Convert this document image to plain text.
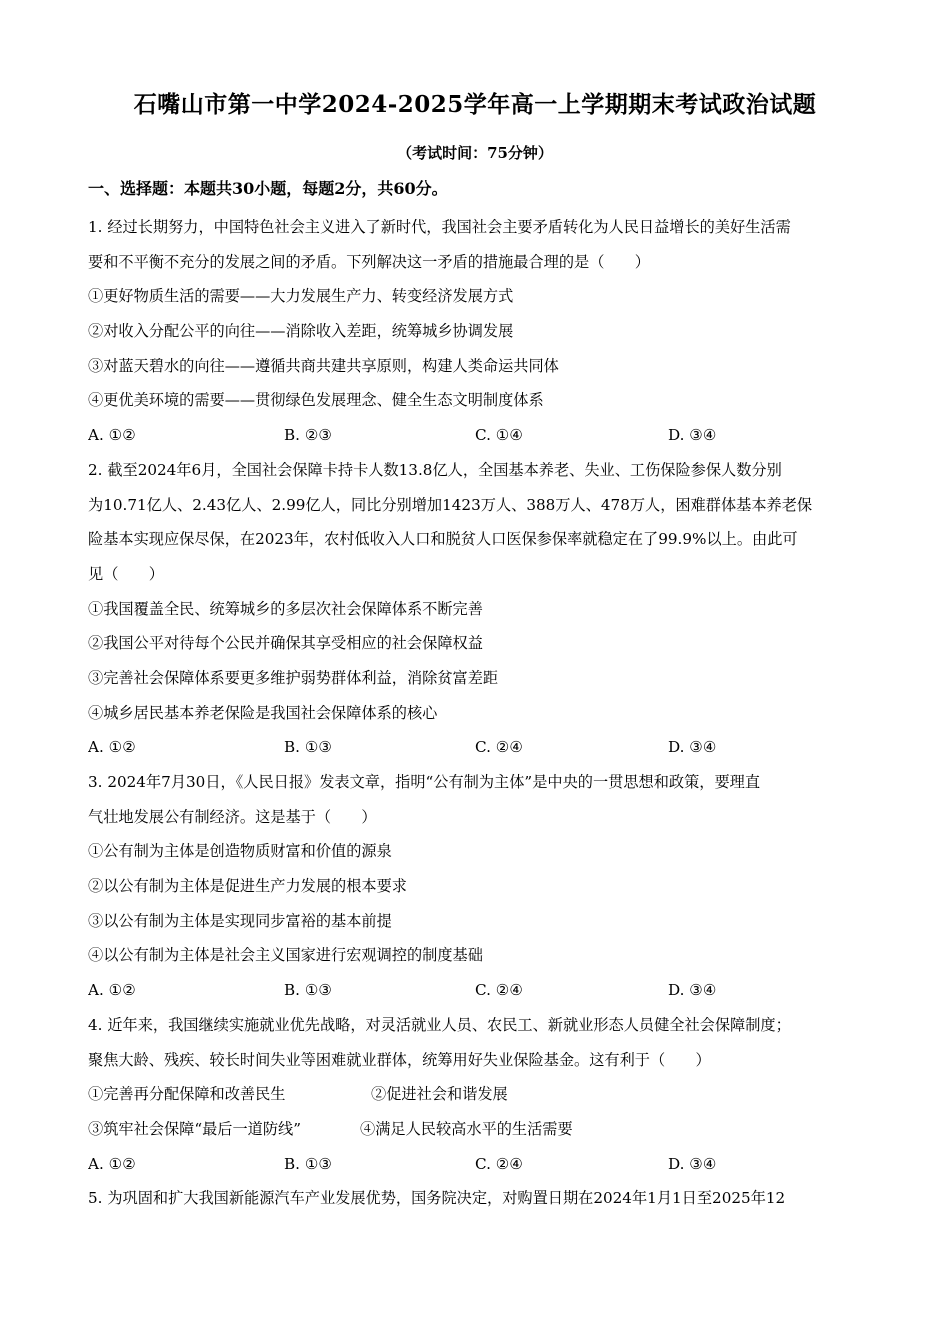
石嘴山市第一中学2024-2025学年高一上学期期末考试政治试题
（考试时间：75分钟）
一、选择题：本题共30小题，每题2分，共60分。
1. 经过长期努力，中国特色社会主义进入了新时代，我国社会主要矛盾转化为人民日益增长的美好生活需
要和不平衡不充分的发展之间的矛盾。下列解决这一矛盾的措施最合理的是（　　）
①更好物质生活的需要——大力发展生产力、转变经济发展方式
②对收入分配公平的向往——消除收入差距，统筹城乡协调发展
③对蓝天碧水的向往——遵循共商共建共享原则，构建人类命运共同体
④更优美环境的需要——贯彻绿色发展理念、健全生态文明制度体系
A. ①②	B. ②③	C. ①④	D. ③④
2. 截至2024年6月，全国社会保障卡持卡人数13.8亿人，全国基本养老、失业、工伤保险参保人数分别
为10.71亿人、2.43亿人、2.99亿人，同比分别增加1423万人、388万人、478万人，困难群体基本养老保
险基本实现应保尽保，在2023年，农村低收入人口和脱贫人口医保参保率就稳定在了99.9%以上。由此可
见（　　）
①我国覆盖全民、统筹城乡的多层次社会保障体系不断完善
②我国公平对待每个公民并确保其享受相应的社会保障权益
③完善社会保障体系要更多维护弱势群体利益，消除贫富差距
④城乡居民基本养老保险是我国社会保障体系的核心
A. ①②	B. ①③	C. ②④	D. ③④
3. 2024年7月30日，《人民日报》发表文章，指明“公有制为主体”是中央的一贯思想和政策，要理直
气壮地发展公有制经济。这是基于（　　）
①公有制为主体是创造物质财富和价值的源泉
②以公有制为主体是促进生产力发展的根本要求
③以公有制为主体是实现同步富裕的基本前提
④以公有制为主体是社会主义国家进行宏观调控的制度基础
A. ①②	B. ①③	C. ②④	D. ③④
4. 近年来，我国继续实施就业优先战略，对灵活就业人员、农民工、新就业形态人员健全社会保障制度；
聚焦大龄、残疾、较长时间失业等困难就业群体，统筹用好失业保险基金。这有利于（　　）
①完善再分配保障和改善民生	②促进社会和谐发展
③筑牢社会保障“最后一道防线”	④满足人民较高水平的生活需要
A. ①②	B. ①③	C. ②④	D. ③④
5. 为巩固和扩大我国新能源汽车产业发展优势，国务院决定，对购置日期在2024年1月1日至2025年12
